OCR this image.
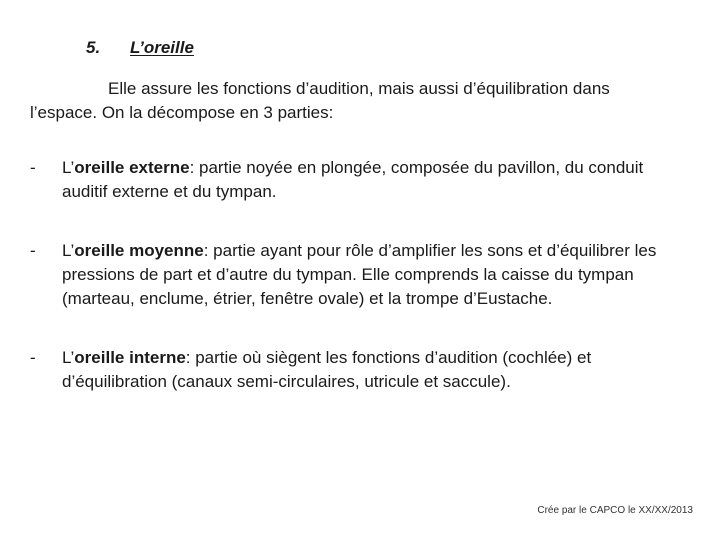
5.	L’oreille
Elle assure les fonctions d’audition, mais aussi d’équilibration dans l’espace. On la décompose en 3 parties:
-	L’oreille externe: partie noyée en plongée, composée du pavillon, du conduit auditif externe et du tympan.
-	L’oreille moyenne: partie ayant pour rôle d’amplifier les sons et d’équilibrer les pressions de part et d’autre du tympan. Elle comprends la caisse du tympan (marteau, enclume, étrier, fenêtre ovale) et la trompe d’Eustache.
-	L’oreille interne: partie où siègent les fonctions d’audition (cochlée) et d’équilibration (canaux semi-circulaires, utricule et saccule).
Crée par le CAPCO le XX/XX/2013
